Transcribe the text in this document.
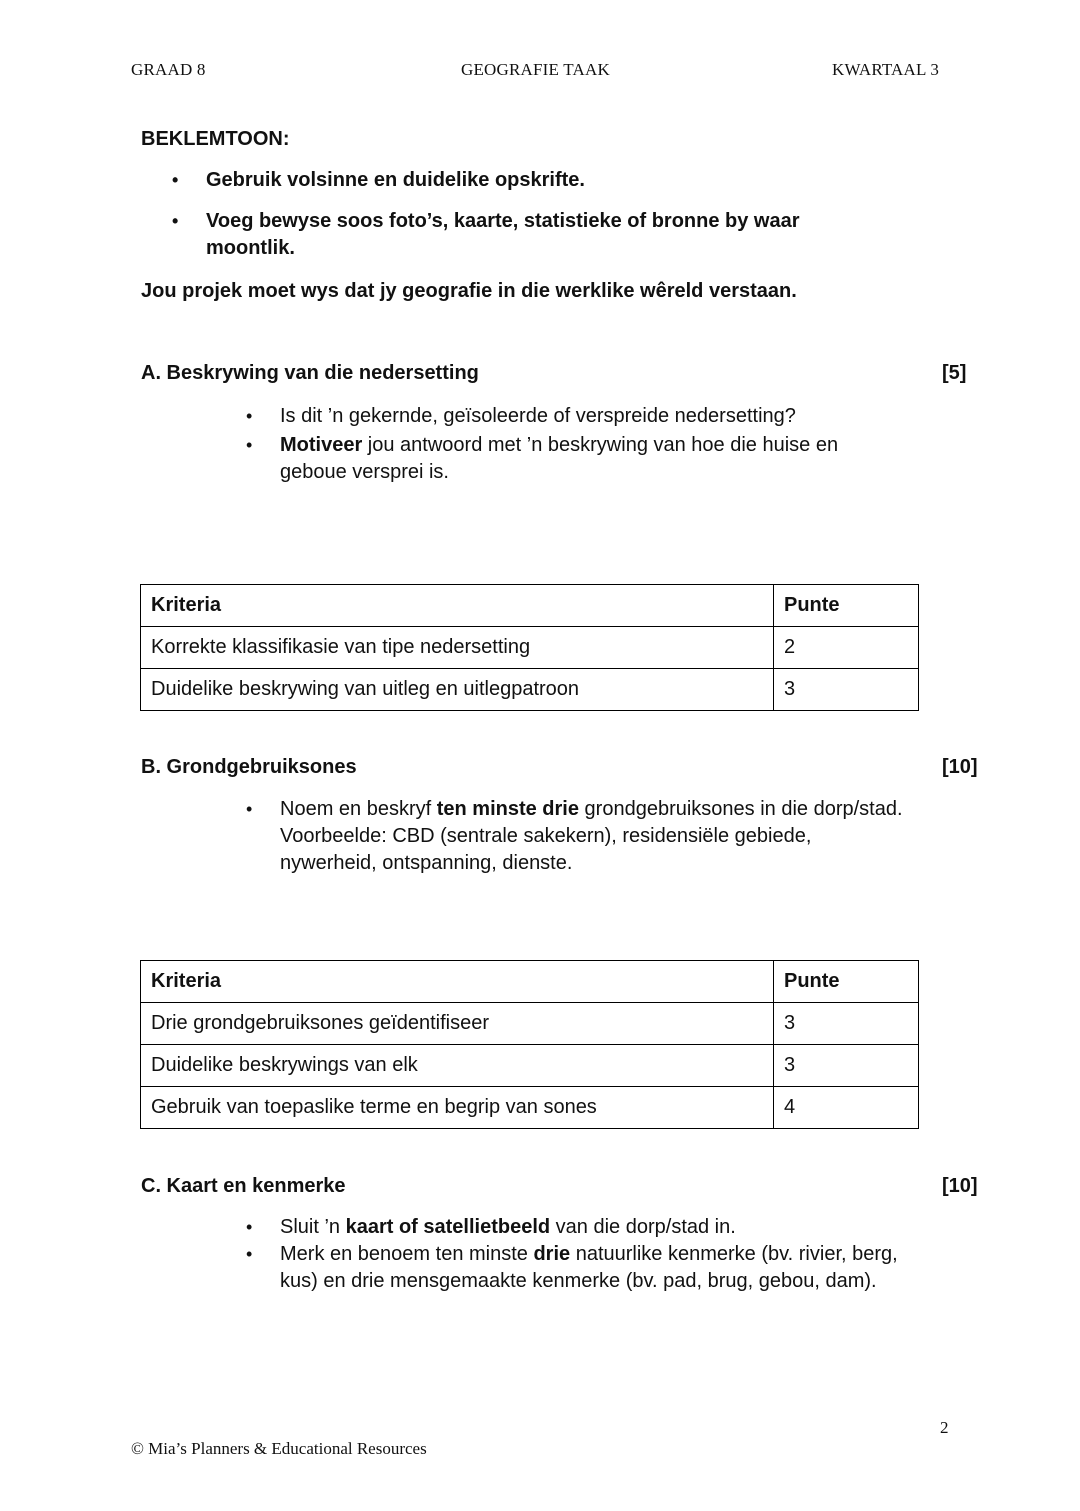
GRAAD 8	GEOGRAFIE TAAK	KWARTAAL 3
BEKLEMTOON:
• Gebruik volsinne en duidelike opskrifte.
• Voeg bewyse soos foto’s, kaarte, statistieke of bronne by waar moontlik.
Jou projek moet wys dat jy geografie in die werklike wêreld verstaan.
A. Beskrywing van die nedersetting	[5]
• Is dit ’n gekernde, geïsoleerde of verspreide nedersetting?
• Motiveer jou antwoord met ’n beskrywing van hoe die huise en geboue versprei is.
Kriteria	Punte
Korrekte klassifikasie van tipe nedersetting	2
Duidelike beskrywing van uitleg en uitlegpatroon	3
B. Grondgebruiksones	[10]
• Noem en beskryf ten minste drie grondgebruiksones in die dorp/stad.
Voorbeelde: CBD (sentrale sakekern), residensiële gebiede, nywerheid, ontspanning, dienste.
Kriteria	Punte
Drie grondgebruiksones geïdentifiseer	3
Duidelike beskrywings van elk	3
Gebruik van toepaslike terme en begrip van sones	4
C. Kaart en kenmerke	[10]
• Sluit ’n kaart of satellietbeeld van die dorp/stad in.
• Merk en benoem ten minste drie natuurlike kenmerke (bv. rivier, berg, kus) en drie mensgemaakte kenmerke (bv. pad, brug, gebou, dam).
2
© Mia’s Planners & Educational Resources
